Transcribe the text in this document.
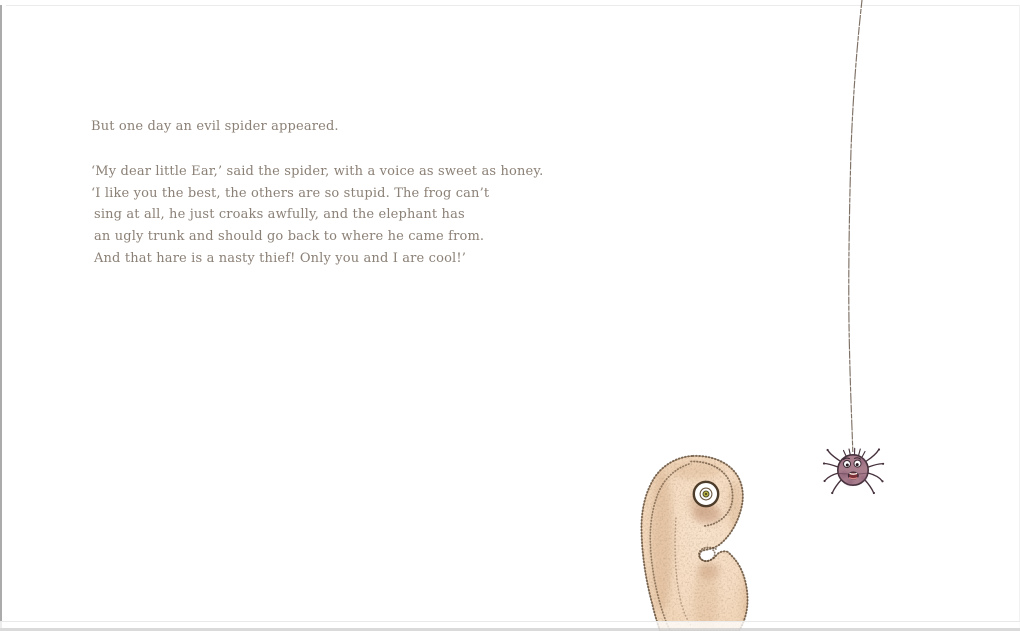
But one day an evil spider appeared.
‘My dear little Ear,’ said the spider, with a voice as sweet as honey.
‘I like you the best, the others are so stupid. The frog can’t
sing at all, he just croaks awfully, and the elephant has
an ugly trunk and should go back to where he came from.
And that hare is a nasty thief! Only you and I are cool!’
